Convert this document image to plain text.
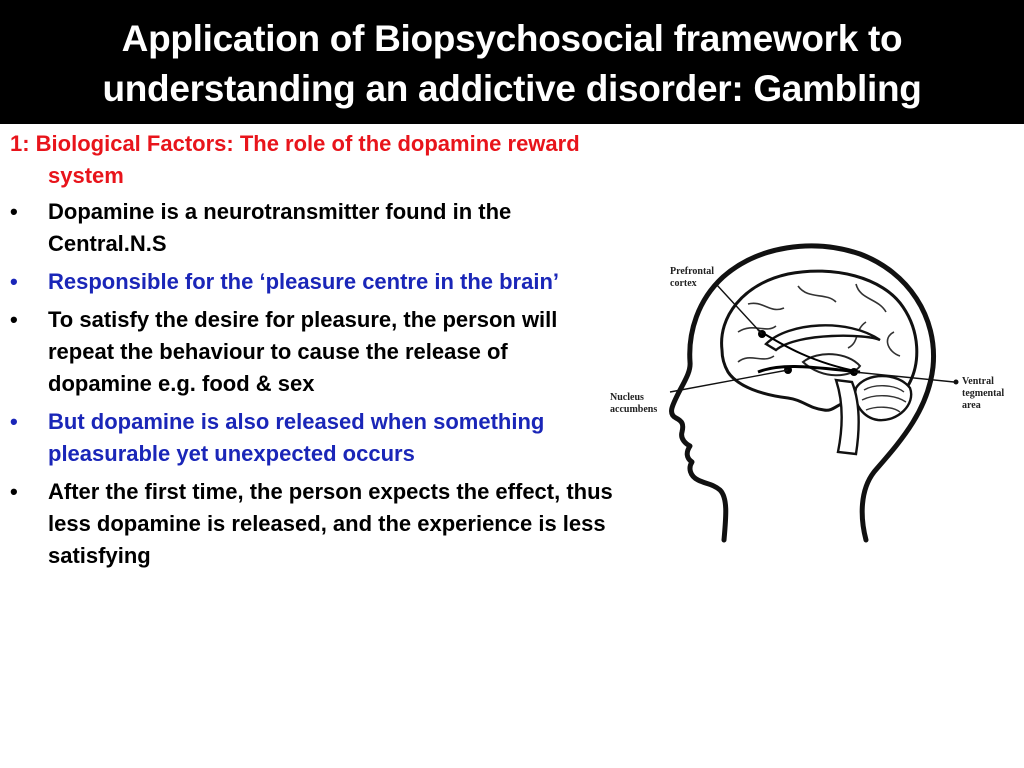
Application of Biopsychosocial framework to
understanding an addictive disorder: Gambling
1: Biological Factors: The role of the dopamine reward system
• Dopamine is a neurotransmitter found in the Central.N.S
• Responsible for the ‘pleasure centre in the brain’
• To satisfy the desire for pleasure, the person will repeat the behaviour to cause the release of dopamine e.g. food & sex
• But dopamine is also released when something pleasurable yet unexpected occurs
• After the first time, the person expects the effect, thus less dopamine is released, and the experience is less satisfying
Prefrontal
cortex
Nucleus
accumbens
Ventral
tegmental
area
